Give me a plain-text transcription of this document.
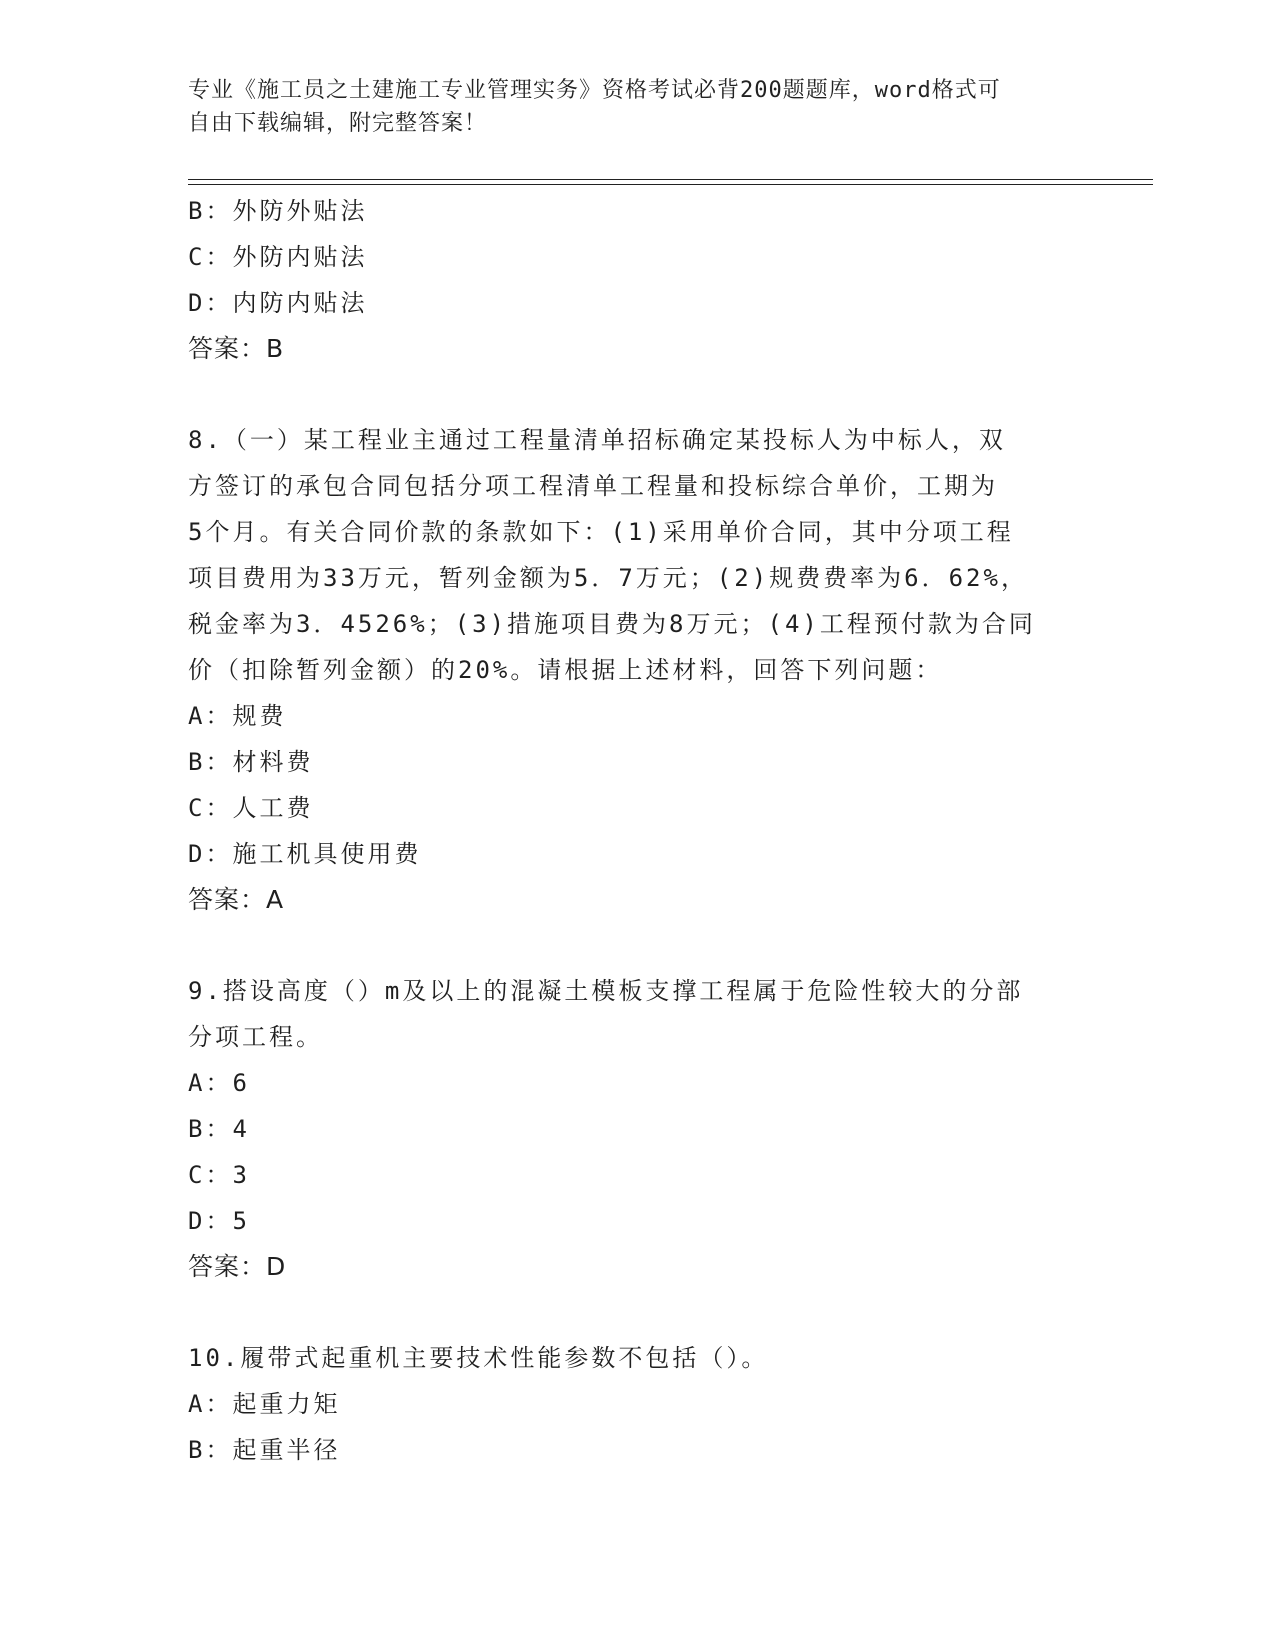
专业《施工员之土建施工专业管理实务》资格考试必背200题题库，word格式可
自由下载编辑，附完整答案！
B：外防外贴法
C：外防内贴法
D：内防内贴法
答案：B
8.（一）某工程业主通过工程量清单招标确定某投标人为中标人，双
方签订的承包合同包括分项工程清单工程量和投标综合单价，工期为
5个月。有关合同价款的条款如下：(1)采用单价合同，其中分项工程
项目费用为33万元，暂列金额为5．7万元；(2)规费费率为6．62%，
税金率为3．4526%；(3)措施项目费为8万元；(4)工程预付款为合同
价（扣除暂列金额）的20%。请根据上述材料，回答下列问题：
A：规费
B：材料费
C：人工费
D：施工机具使用费
答案：A
9.搭设高度（）m及以上的混凝土模板支撑工程属于危险性较大的分部
分项工程。
A：6
B：4
C：3
D：5
答案：D
10.履带式起重机主要技术性能参数不包括（）。
A：起重力矩
B：起重半径
